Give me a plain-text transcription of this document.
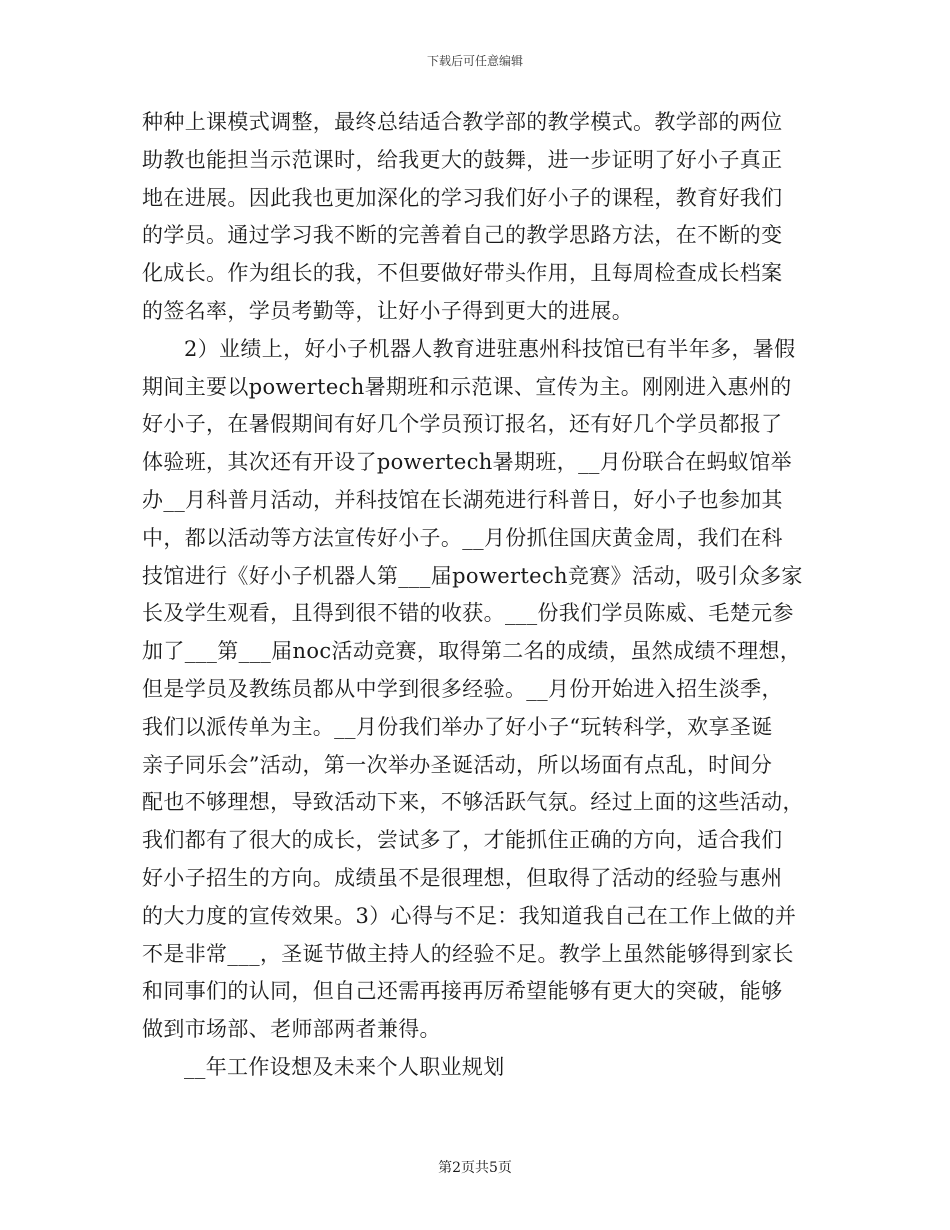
下载后可任意编辑
种种上课模式调整，最终总结适合教学部的教学模式。教学部的两位
助教也能担当示范课时，给我更大的鼓舞，进一步证明了好小子真正
地在进展。因此我也更加深化的学习我们好小子的课程，教育好我们
的学员。通过学习我不断的完善着自己的教学思路方法，在不断的变
化成长。作为组长的我，不但要做好带头作用，且每周检查成长档案
的签名率，学员考勤等，让好小子得到更大的进展。
2）业绩上，好小子机器人教育进驻惠州科技馆已有半年多，暑假
期间主要以powertech暑期班和示范课、宣传为主。刚刚进入惠州的
好小子，在暑假期间有好几个学员预订报名，还有好几个学员都报了
体验班，其次还有开设了powertech暑期班，__月份联合在蚂蚁馆举
办__月科普月活动，并科技馆在长湖苑进行科普日，好小子也参加其
中，都以活动等方法宣传好小子。__月份抓住国庆黄金周，我们在科
技馆进行《好小子机器人第___届powertech竞赛》活动，吸引众多家
长及学生观看，且得到很不错的收获。___份我们学员陈威、毛楚元参
加了___第___届noc活动竞赛，取得第二名的成绩，虽然成绩不理想，
但是学员及教练员都从中学到很多经验。__月份开始进入招生淡季，
我们以派传单为主。__月份我们举办了好小子“玩转科学，欢享圣诞
亲子同乐会”活动，第一次举办圣诞活动，所以场面有点乱，时间分
配也不够理想，导致活动下来，不够活跃气氛。经过上面的这些活动，
我们都有了很大的成长，尝试多了，才能抓住正确的方向，适合我们
好小子招生的方向。成绩虽不是很理想，但取得了活动的经验与惠州
的大力度的宣传效果。3）心得与不足：我知道我自己在工作上做的并
不是非常___，圣诞节做主持人的经验不足。教学上虽然能够得到家长
和同事们的认同，但自己还需再接再厉希望能够有更大的突破，能够
做到市场部、老师部两者兼得。
__年工作设想及未来个人职业规划
第2页共5页
